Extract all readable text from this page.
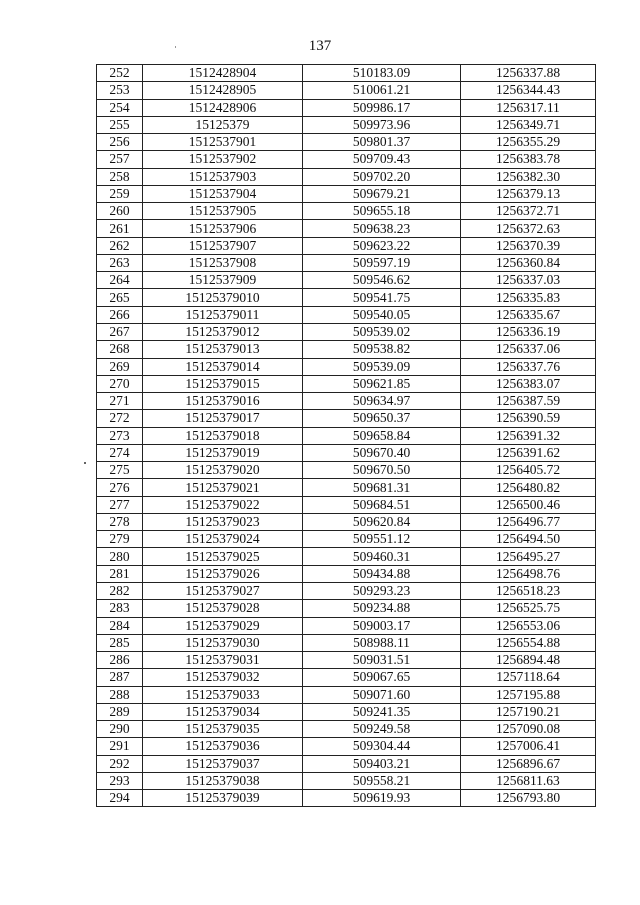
137
252	1512428904	510183.09	1256337.88
253	1512428905	510061.21	1256344.43
254	1512428906	509986.17	1256317.11
255	15125379	509973.96	1256349.71
256	1512537901	509801.37	1256355.29
257	1512537902	509709.43	1256383.78
258	1512537903	509702.20	1256382.30
259	1512537904	509679.21	1256379.13
260	1512537905	509655.18	1256372.71
261	1512537906	509638.23	1256372.63
262	1512537907	509623.22	1256370.39
263	1512537908	509597.19	1256360.84
264	1512537909	509546.62	1256337.03
265	15125379010	509541.75	1256335.83
266	15125379011	509540.05	1256335.67
267	15125379012	509539.02	1256336.19
268	15125379013	509538.82	1256337.06
269	15125379014	509539.09	1256337.76
270	15125379015	509621.85	1256383.07
271	15125379016	509634.97	1256387.59
272	15125379017	509650.37	1256390.59
273	15125379018	509658.84	1256391.32
274	15125379019	509670.40	1256391.62
275	15125379020	509670.50	1256405.72
276	15125379021	509681.31	1256480.82
277	15125379022	509684.51	1256500.46
278	15125379023	509620.84	1256496.77
279	15125379024	509551.12	1256494.50
280	15125379025	509460.31	1256495.27
281	15125379026	509434.88	1256498.76
282	15125379027	509293.23	1256518.23
283	15125379028	509234.88	1256525.75
284	15125379029	509003.17	1256553.06
285	15125379030	508988.11	1256554.88
286	15125379031	509031.51	1256894.48
287	15125379032	509067.65	1257118.64
288	15125379033	509071.60	1257195.88
289	15125379034	509241.35	1257190.21
290	15125379035	509249.58	1257090.08
291	15125379036	509304.44	1257006.41
292	15125379037	509403.21	1256896.67
293	15125379038	509558.21	1256811.63
294	15125379039	509619.93	1256793.80
